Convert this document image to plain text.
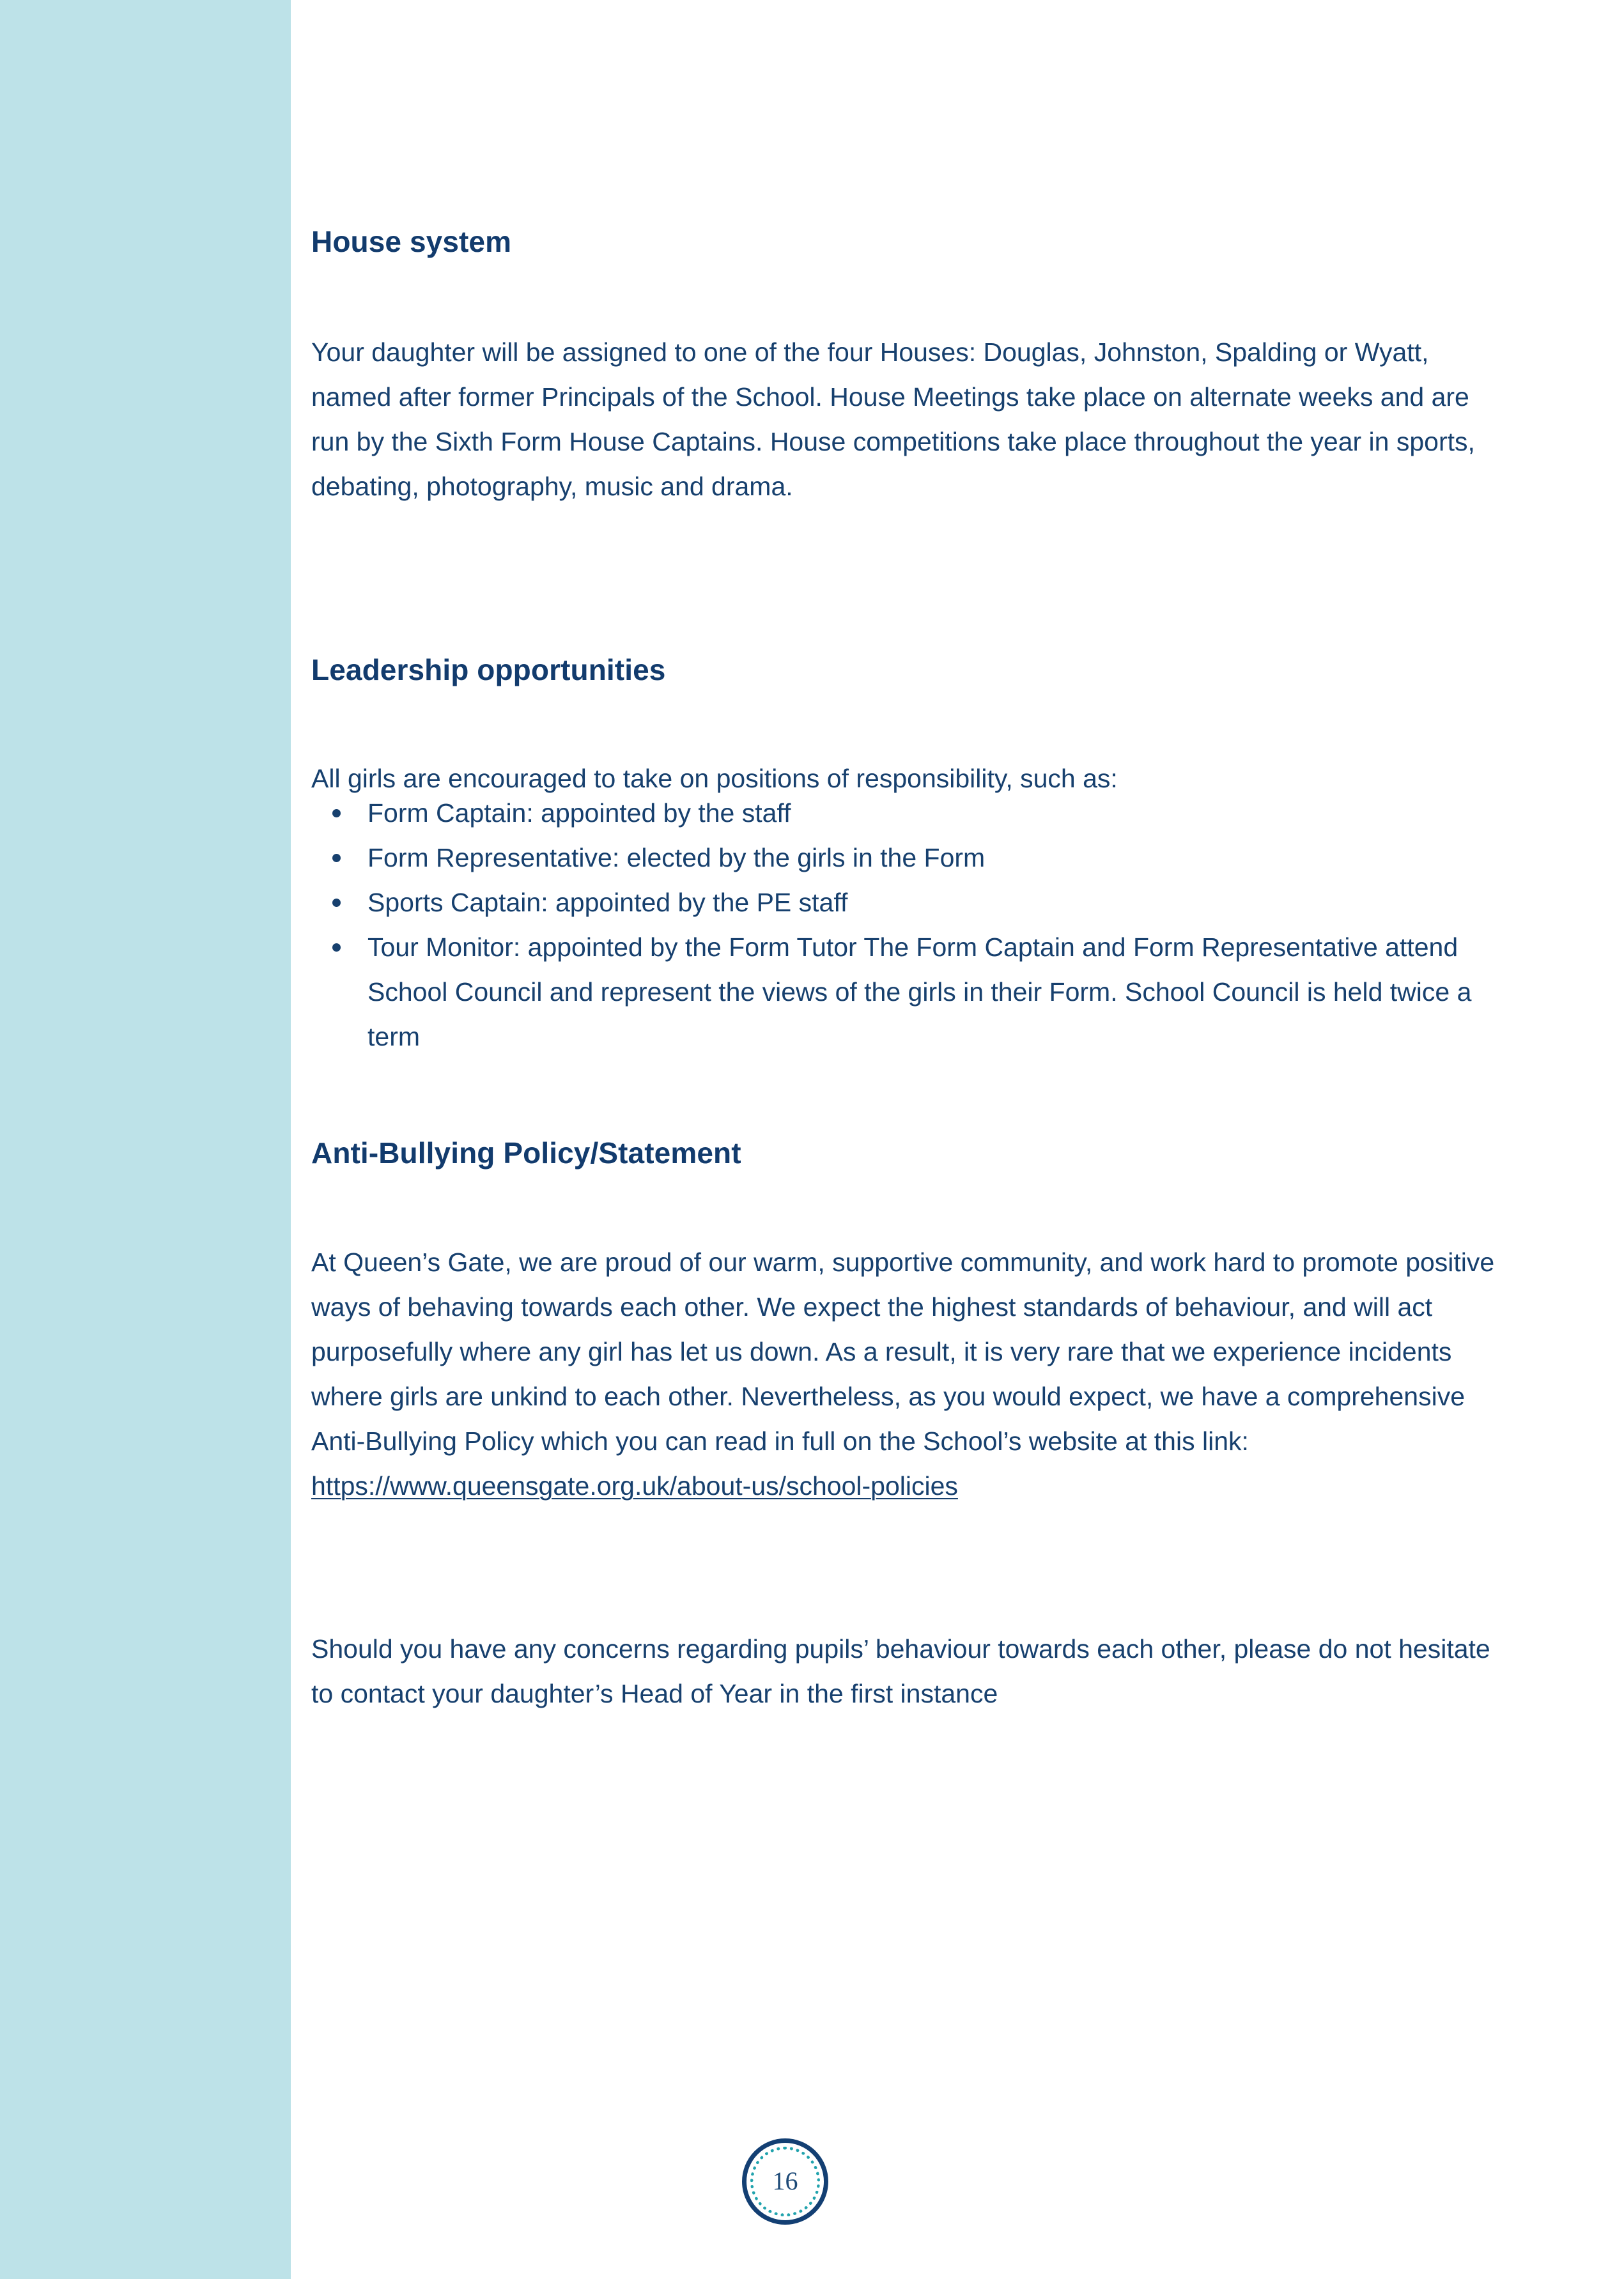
House system

Your daughter will be assigned to one of the four Houses: Douglas, Johnston, Spalding or Wyatt, named after former Principals of the School. House Meetings take place on alternate weeks and are run by the Sixth Form House Captains. House competitions take place throughout the year in sports, debating, photography, music and drama.

Leadership opportunities

All girls are encouraged to take on positions of responsibility, such as:

Form Captain: appointed by the staff
Form Representative: elected by the girls in the Form
Sports Captain: appointed by the PE staff
Tour Monitor: appointed by the Form Tutor The Form Captain and Form Representative attend School Council and represent the views of the girls in their Form. School Council is held twice a term
Anti-Bullying Policy/Statement

At Queen’s Gate, we are proud of our warm, supportive community, and work hard to promote positive ways of behaving towards each other. We expect the highest standards of behaviour, and will act purposefully where any girl has let us down. As a result, it is very rare that we experience incidents where girls are unkind to each other. Nevertheless, as you would expect, we have a comprehensive Anti-Bullying Policy which you can read in full on the School’s website at this link:
https://www.queensgate.org.uk/about-us/school-policies

Should you have any concerns regarding pupils’ behaviour towards each other, please do not hesitate to contact your daughter’s Head of Year in the first instance

16
